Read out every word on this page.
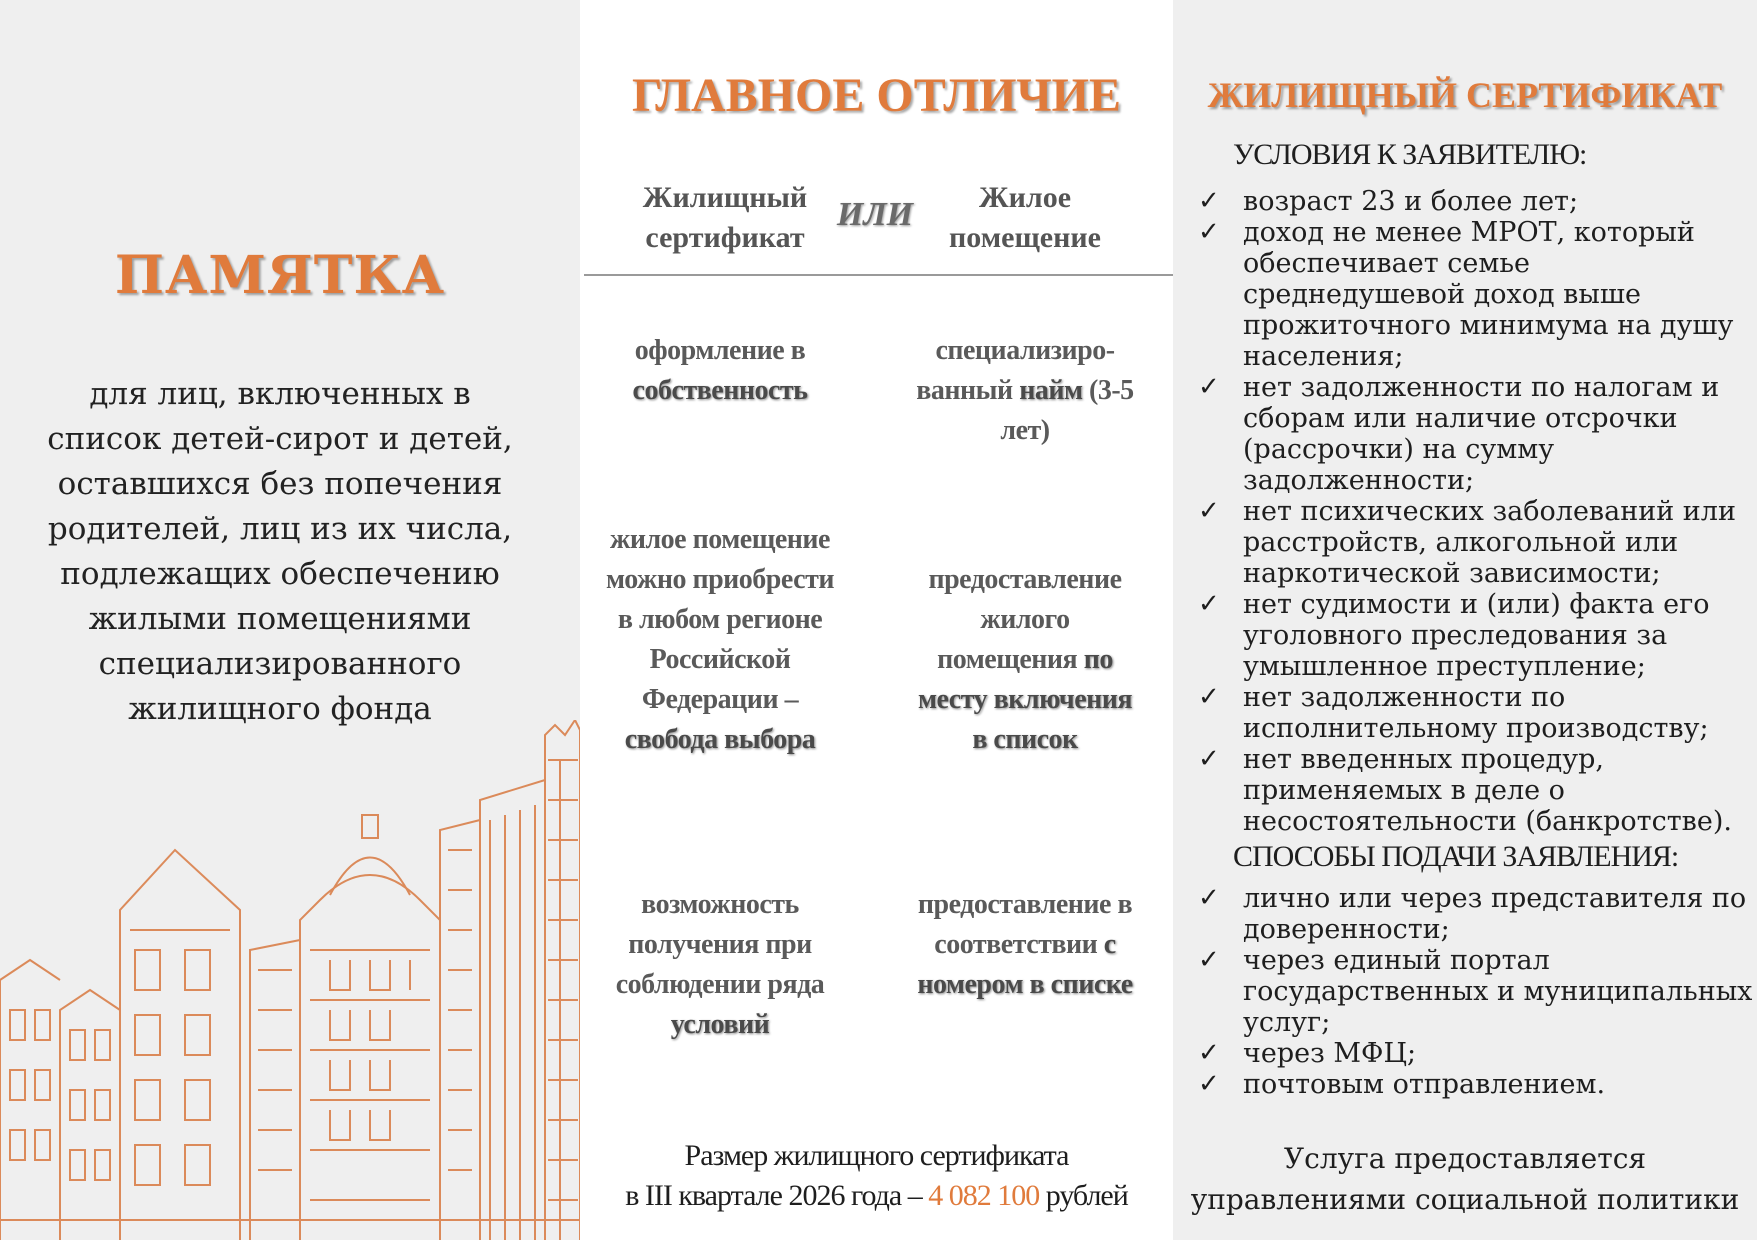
ПАМЯТКА

для лиц, включенных в список детей-сирот и детей, оставшихся без попечения родителей, лиц из их числа, подлежащих обеспечению жилыми помещениями специализированного жилищного фонда

ГЛАВНОЕ ОТЛИЧИЕ
Жилищный сертификат
ИЛИ	Жилое помещение
оформление в собственность
специализиро-ванный найм (3-5 лет)
жилое помещение можно приобрести в любом регионе Российской Федерации – свобода выбора
предоставление жилого помещения по месту включения в список
возможность получения при соблюдении ряда условий
предоставление в соответствии с номером в списке
Размер жилищного сертификата
в III квартале 2026 года – 4 082 100 рублей
ЖИЛИЩНЫЙ СЕРТИФИКАТ
УСЛОВИЯ К ЗАЯВИТЕЛЮ:
✓ возраст 23 и более лет;
✓ доход не менее МРОТ, который обеспечивает семье среднедушевой доход выше прожиточного минимума на душу населения;
✓ нет задолженности по налогам и сборам или наличие отсрочки (рассрочки) на сумму задолженности;
✓ нет психических заболеваний или расстройств, алкогольной или наркотической зависимости;
✓ нет судимости и (или) факта его уголовного преследования за умышленное преступление;
✓ нет задолженности по исполнительному производству;
✓ нет введенных процедур, применяемых в деле о несостоятельности (банкротстве).
СПОСОБЫ ПОДАЧИ ЗАЯВЛЕНИЯ:
✓ лично или через представителя по доверенности;
✓ через единый портал государственных и муниципальных услуг;
✓ через МФЦ;
✓ почтовым отправлением.

Услуга предоставляется управлениями социальной политики
